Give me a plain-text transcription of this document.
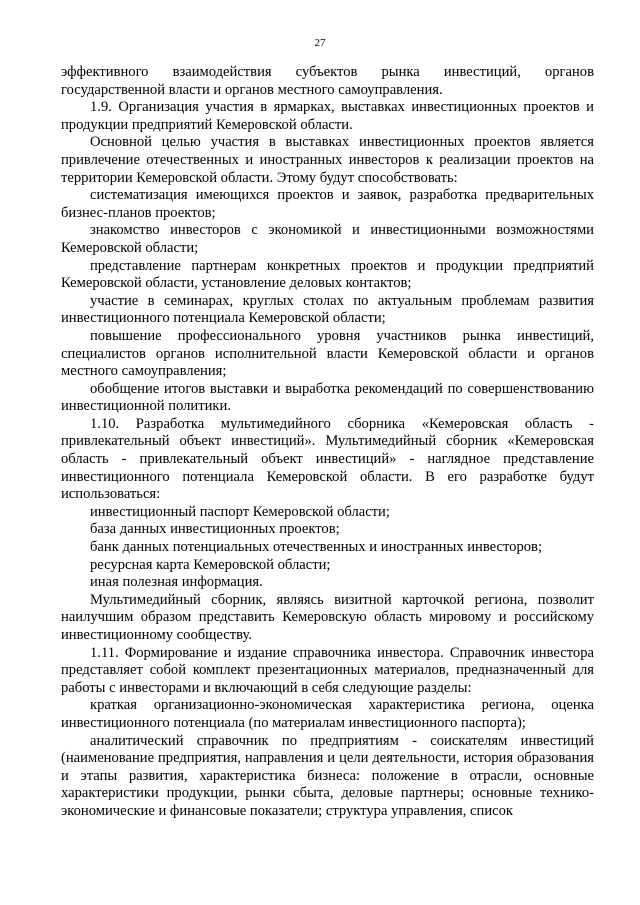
27

эффективного взаимодействия субъектов рынка инвестиций, органов государственной власти и органов местного самоуправления.

1.9. Организация участия в ярмарках, выставках инвестиционных проектов и продукции предприятий Кемеровской области.

Основной целью участия в выставках инвестиционных проектов является привлечение отечественных и иностранных инвесторов к реализации проектов на территории Кемеровской области. Этому будут способствовать:

систематизация имеющихся проектов и заявок, разработка предварительных бизнес-планов проектов;

знакомство инвесторов с экономикой и инвестиционными возможностями Кемеровской области;

представление партнерам конкретных проектов и продукции предприятий Кемеровской области, установление деловых контактов;

участие в семинарах, круглых столах по актуальным проблемам развития инвестиционного потенциала Кемеровской области;

повышение профессионального уровня участников рынка инвестиций, специалистов органов исполнительной власти Кемеровской области и органов местного самоуправления;

обобщение итогов выставки и выработка рекомендаций по совершенствованию инвестиционной политики.

1.10. Разработка мультимедийного сборника «Кемеровская область - привлекательный объект инвестиций». Мультимедийный сборник «Кемеровская область - привлекательный объект инвестиций» - наглядное представление инвестиционного потенциала Кемеровской области. В его разработке будут использоваться:

инвестиционный паспорт Кемеровской области;

база данных инвестиционных проектов;

банк данных потенциальных отечественных и иностранных инвесторов;

ресурсная карта Кемеровской области;

иная полезная информация.

Мультимедийный сборник, являясь визитной карточкой региона, позволит наилучшим образом представить Кемеровскую область мировому и российскому инвестиционному сообществу.

1.11. Формирование и издание справочника инвестора. Справочник инвестора представляет собой комплект презентационных материалов, предназначенный для работы с инвесторами и включающий в себя следующие разделы:

краткая организационно-экономическая характеристика региона, оценка инвестиционного потенциала (по материалам инвестиционного паспорта);

аналитический справочник по предприятиям - соискателям инвестиций (наименование предприятия, направления и цели деятельности, история образования и этапы развития, характеристика бизнеса: положение в отрасли, основные характеристики продукции, рынки сбыта, деловые партнеры; основные технико-экономические и финансовые показатели; структура управления, список
